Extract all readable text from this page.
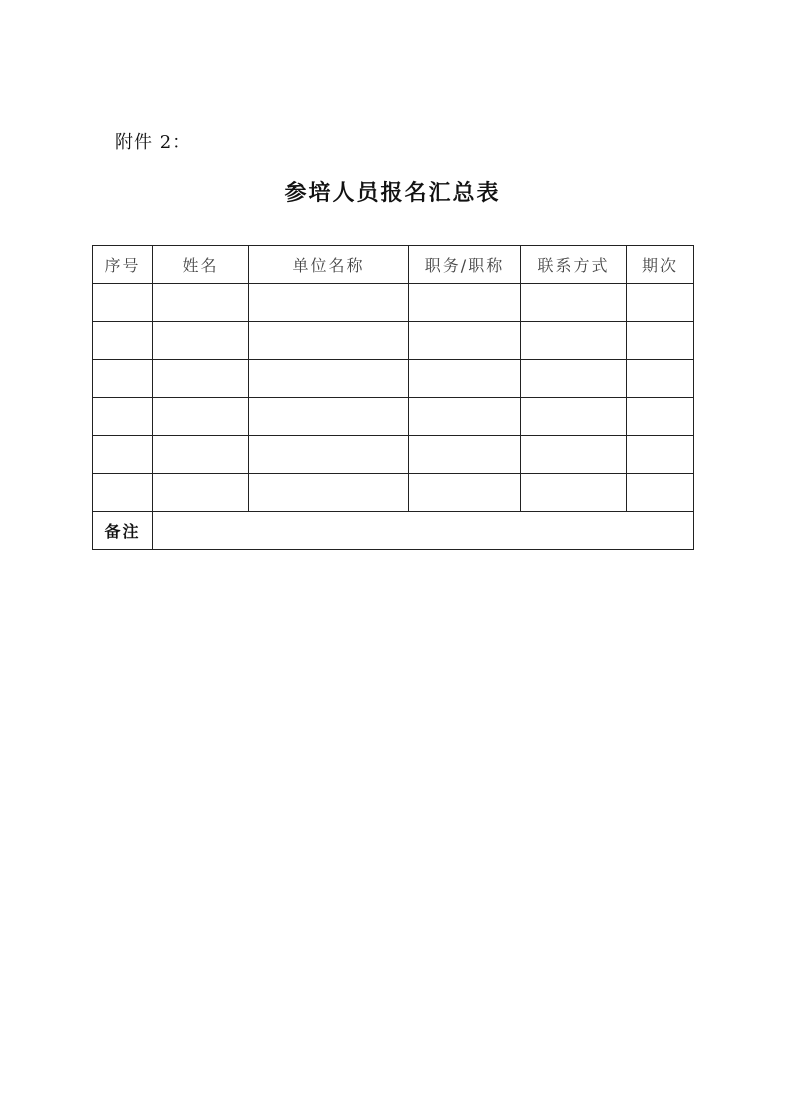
附件 2：
参培人员报名汇总表
序号	姓名	单位名称	职务/职称	联系方式	期次

备注					
